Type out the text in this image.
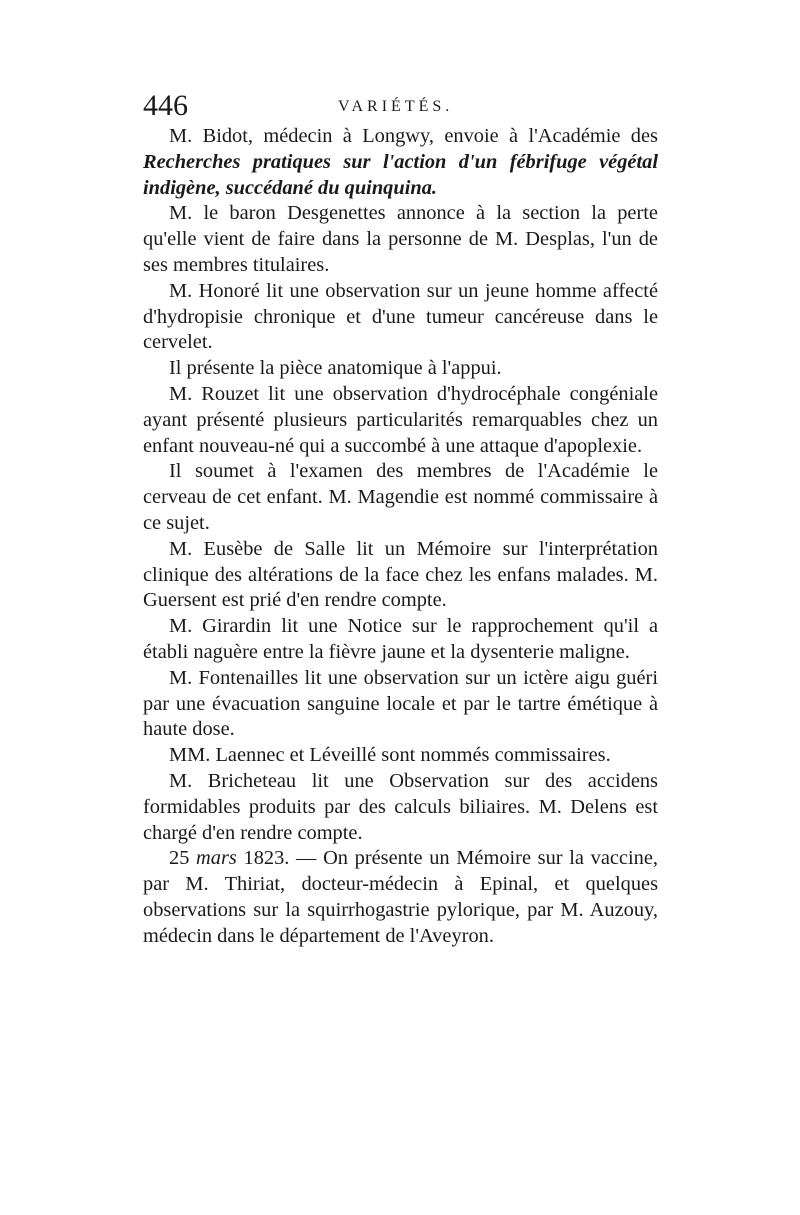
446	VARIÉTÉS.

M. Bidot, médecin à Longwy, envoie à l'Académie des Recherches pratiques sur l'action d'un fébrifuge végétal indigène, succédané du quinquina.

M. le baron Desgenettes annonce à la section la perte qu'elle vient de faire dans la personne de M. Desplas, l'un de ses membres titulaires.

M. Honoré lit une observation sur un jeune homme affecté d'hydropisie chronique et d'une tumeur cancéreuse dans le cervelet.

Il présente la pièce anatomique à l'appui.

M. Rouzet lit une observation d'hydrocéphale congéniale ayant présenté plusieurs particularités remarquables chez un enfant nouveau-né qui a succombé à une attaque d'apoplexie.

Il soumet à l'examen des membres de l'Académie le cerveau de cet enfant. M. Magendie est nommé commissaire à ce sujet.

M. Eusèbe de Salle lit un Mémoire sur l'interprétation clinique des altérations de la face chez les enfans malades. M. Guersent est prié d'en rendre compte.

M. Girardin lit une Notice sur le rapprochement qu'il a établi naguère entre la fièvre jaune et la dysenterie maligne.

M. Fontenailles lit une observation sur un ictère aigu guéri par une évacuation sanguine locale et par le tartre émétique à haute dose.

MM. Laennec et Léveillé sont nommés commissaires.

M. Bricheteau lit une Observation sur des accidens formidables produits par des calculs biliaires. M. Delens est chargé d'en rendre compte.

25 mars 1823. — On présente un Mémoire sur la vaccine, par M. Thiriat, docteur-médecin à Epinal, et quelques observations sur la squirrhogastrie pylorique, par M. Auzouy, médecin dans le département de l'Aveyron.
